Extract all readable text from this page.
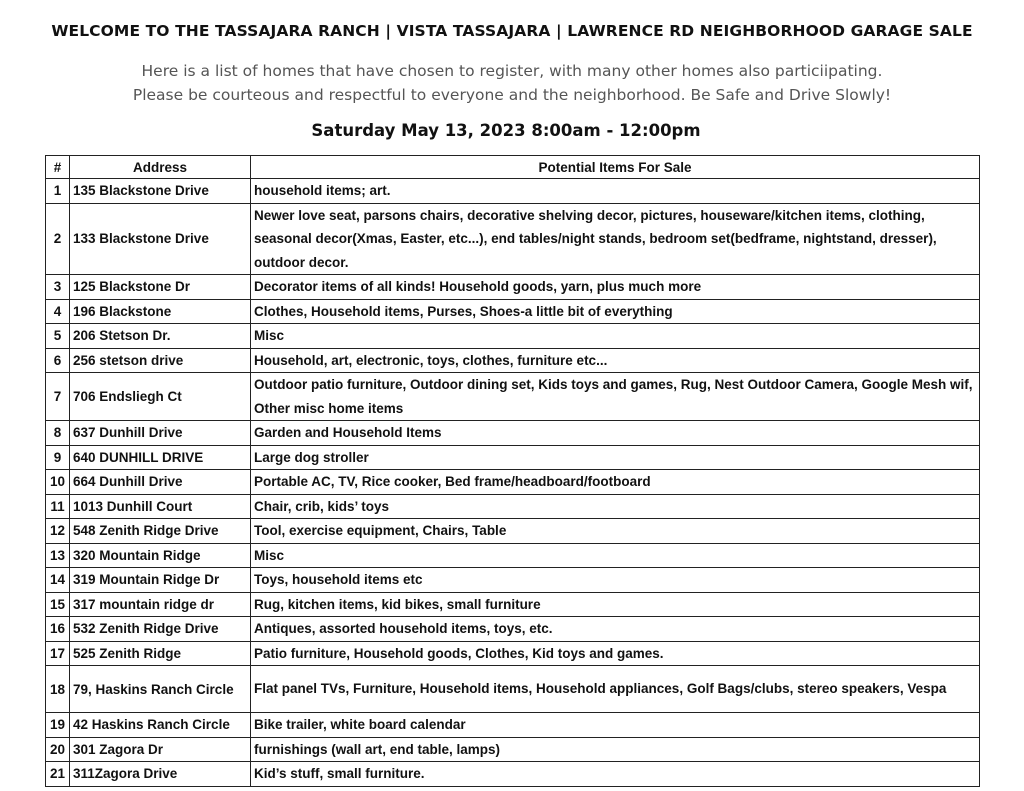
WELCOME TO THE TASSAJARA RANCH | VISTA TASSAJARA | LAWRENCE RD NEIGHBORHOOD GARAGE SALE
Here is a list of homes that have chosen to register, with many other homes also particiipating.
Please be courteous and respectful to everyone and the neighborhood. Be Safe and Drive Slowly!
Saturday May 13, 2023 8:00am - 12:00pm
#	Address	Potential Items For Sale
1	135 Blackstone Drive	household items; art.
2	133 Blackstone Drive	Newer love seat, parsons chairs, decorative shelving decor, pictures, houseware/kitchen items, clothing, seasonal decor(Xmas, Easter, etc...), end tables/night stands, bedroom set(bedframe, nightstand, dresser), outdoor decor.
3	125 Blackstone Dr	Decorator items of all kinds! Household goods, yarn, plus much more
4	196 Blackstone	Clothes, Household items, Purses, Shoes-a little bit of everything
5	206 Stetson Dr.	Misc
6	256 stetson drive	Household, art, electronic, toys, clothes, furniture etc...
7	706 Endsliegh Ct	Outdoor patio furniture, Outdoor dining set, Kids toys and games, Rug, Nest Outdoor Camera, Google Mesh wif, Other misc home items
8	637 Dunhill Drive	Garden and Household Items
9	640 DUNHILL DRIVE	Large dog stroller
10	664 Dunhill Drive	Portable AC, TV, Rice cooker, Bed frame/headboard/footboard
11	1013 Dunhill Court	Chair, crib, kids’ toys
12	548 Zenith Ridge Drive	Tool, exercise equipment, Chairs, Table
13	320 Mountain Ridge	Misc
14	319 Mountain Ridge Dr	Toys, household items etc
15	317 mountain ridge dr	Rug, kitchen items, kid bikes, small furniture
16	532 Zenith Ridge Drive	Antiques, assorted household items, toys, etc.
17	525 Zenith Ridge	Patio furniture, Household goods, Clothes, Kid toys and games.
18	79, Haskins Ranch Circle	Flat panel TVs, Furniture, Household items, Household appliances, Golf Bags/clubs, stereo speakers, Vespa
19	42 Haskins Ranch Circle	Bike trailer, white board calendar
20	301 Zagora Dr	furnishings (wall art, end table, lamps)
21	311Zagora Drive	Kid’s stuff, small furniture.
